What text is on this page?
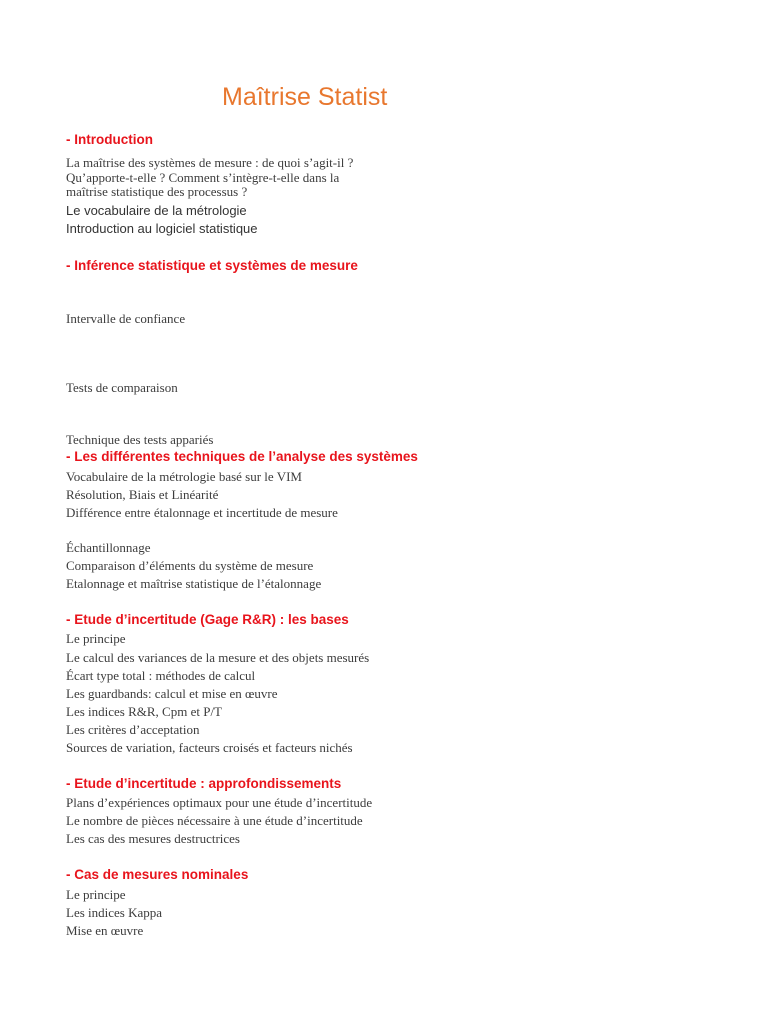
Maîtrise Statist
- Introduction
La maîtrise des systèmes de mesure : de quoi s’agit-il ?
Qu’apporte-t-elle ? Comment s’intègre-t-elle dans la
maîtrise statistique des processus ?
Le vocabulaire de la métrologie
Introduction au logiciel statistique
- Inférence statistique et systèmes de mesure
Intervalle de confiance
Tests de comparaison
Technique des tests appariés
- Les différentes techniques de l’analyse des systèmes
Vocabulaire de la métrologie basé sur le VIM
Résolution, Biais et Linéarité
Différence entre étalonnage et incertitude de mesure
Échantillonnage
Comparaison d’éléments du système de mesure
Etalonnage et maîtrise statistique de l’étalonnage
- Etude d’incertitude (Gage R&R) : les bases
Le principe
Le calcul des variances de la mesure et des objets mesurés
Écart type total : méthodes de calcul
Les guardbands: calcul et mise en œuvre
Les indices R&R, Cpm et P/T
Les critères d’acceptation
Sources de variation, facteurs croisés et facteurs nichés
- Etude d’incertitude : approfondissements
Plans d’expériences optimaux pour une étude d’incertitude
Le nombre de pièces nécessaire à une étude d’incertitude
Les cas des mesures destructrices
- Cas de mesures nominales
Le principe
Les indices Kappa
Mise en œuvre
